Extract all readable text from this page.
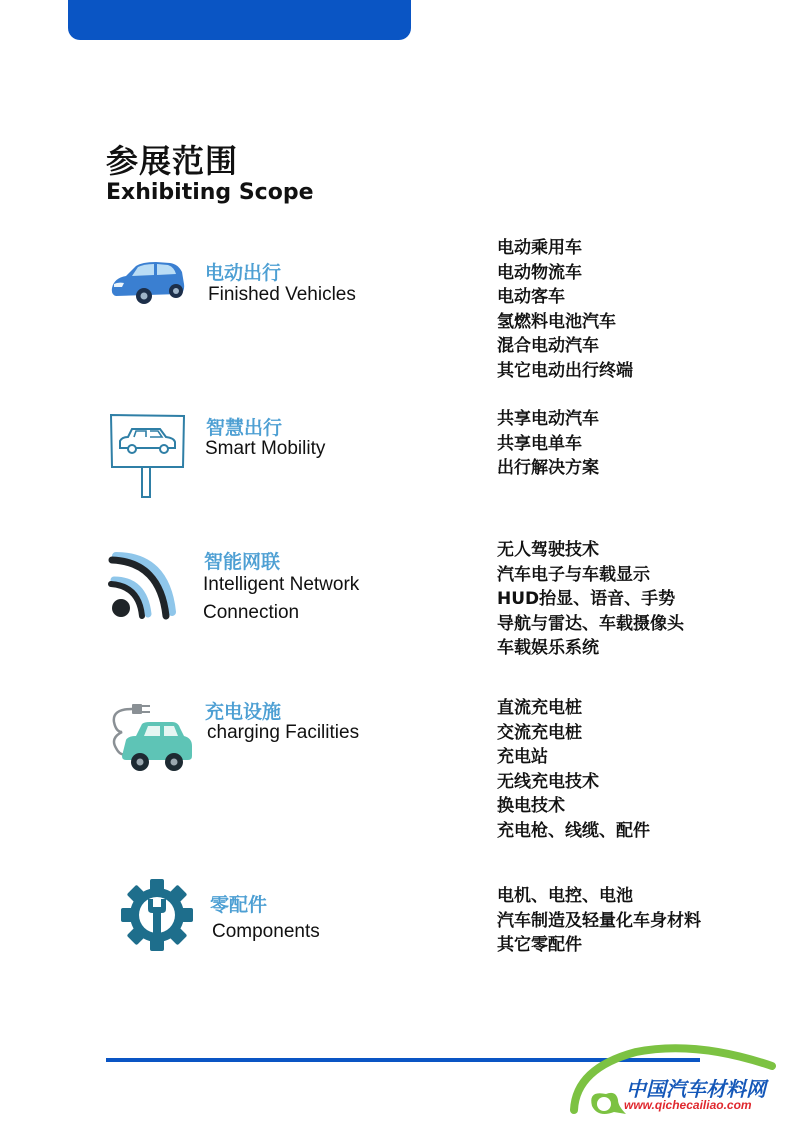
参展范围
Exhibiting Scope
电动出行
Finished Vehicles
电动乘用车
电动物流车
电动客车
氢燃料电池汽车
混合电动汽车
其它电动出行终端
智慧出行
Smart Mobility
共享电动汽车
共享电单车
出行解决方案
智能网联
Intelligent Network
Connection
无人驾驶技术
汽车电子与车载显示
HUD抬显、语音、手势
导航与雷达、车载摄像头
车载娱乐系统
充电设施
charging Facilities
直流充电桩
交流充电桩
充电站
无线充电技术
换电技术
充电枪、线缆、配件
零配件
Components
电机、电控、电池
汽车制造及轻量化车身材料
其它零配件
中国汽车材料网
www.qichecailiao.com
